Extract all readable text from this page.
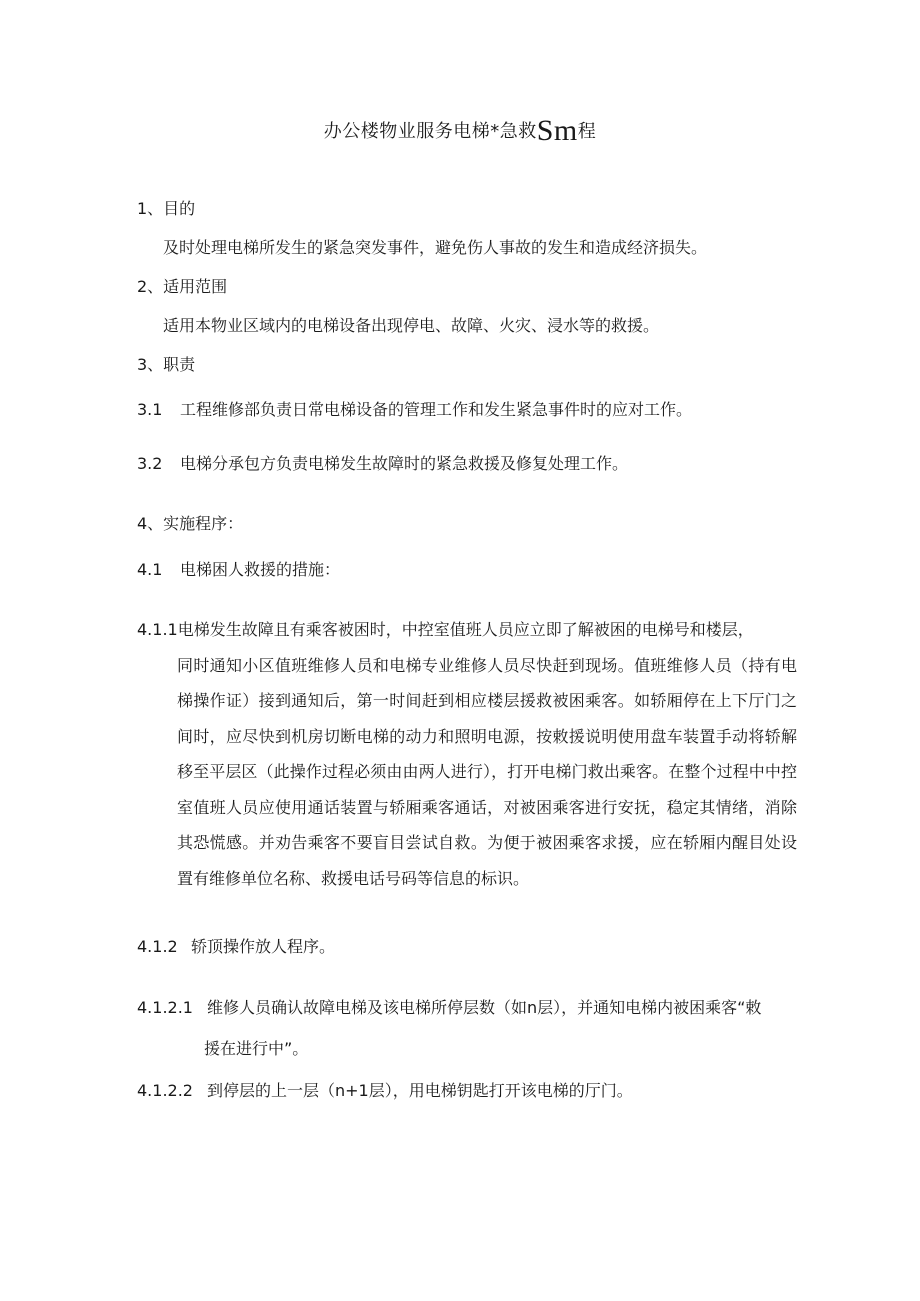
办公楼物业服务电梯*急救Sm程
1、目的
及时处理电梯所发生的紧急突发事件，避免伤人事故的发生和造成经济损失。
2、适用范围
适用本物业区域内的电梯设备出现停电、故障、火灾、浸水等的救援。
3、职责
3.1 工程维修部负责日常电梯设备的管理工作和发生紧急事件时的应对工作。
3.2 电梯分承包方负责电梯发生故障时的紧急救援及修复处理工作。
4、实施程序：
4.1 电梯困人救援的措施：
4.1.1电梯发生故障且有乘客被困时，中控室值班人员应立即了解被困的电梯号和楼层，
同时通知小区值班维修人员和电梯专业维修人员尽快赶到现场。值班维修人员（持有电梯操作证）接到通知后，第一时间赶到相应楼层援救被困乘客。如轿厢停在上下厅门之间时，应尽快到机房切断电梯的动力和照明电源，按敕援说明使用盘车装置手动将轿解移至平层区（此操作过程必须由由两人进行），打开电梯门救出乘客。在整个过程中中控室值班人员应使用通话装置与轿厢乘客通话，对被困乘客进行安抚，稳定其情绪，消除其恐慌感。并劝告乘客不要盲目尝试自救。为便于被困乘客求援，应在轿厢内醒目处设置有维修单位名称、救援电话号码等信息的标识。
4.1.2 轿顶操作放人程序。
4.1.2.1 维修人员确认故障电梯及该电梯所停层数（如n层），并通知电梯内被困乘客“敕
援在进行中”。
4.1.2.2 到停层的上一层（n+1层），用电梯钥匙打开该电梯的厅门。
